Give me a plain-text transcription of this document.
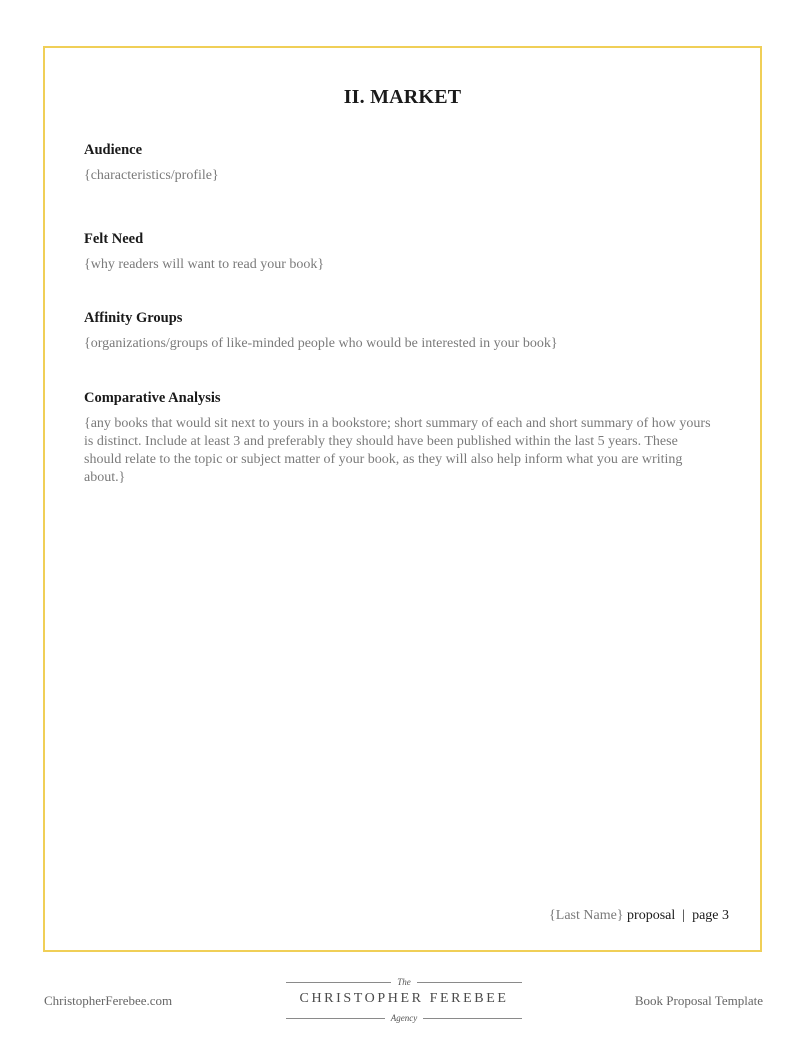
II. MARKET

Audience

{characteristics/profile}

Felt Need

{why readers will want to read your book}

Affinity Groups

{organizations/groups of like-minded people who would be interested in your book}

Comparative Analysis

{any books that would sit next to yours in a bookstore; short summary of each and short summary of how yours is distinct. Include at least 3 and preferably they should have been published within the last 5 years. These should relate to the topic or subject matter of your book, as they will also help inform what you are writing about.}

{Last Name} proposal | page 3
ChristopherFerebee.com
The
CHRISTOPHER FEREBEE
Agency
Book Proposal Template
